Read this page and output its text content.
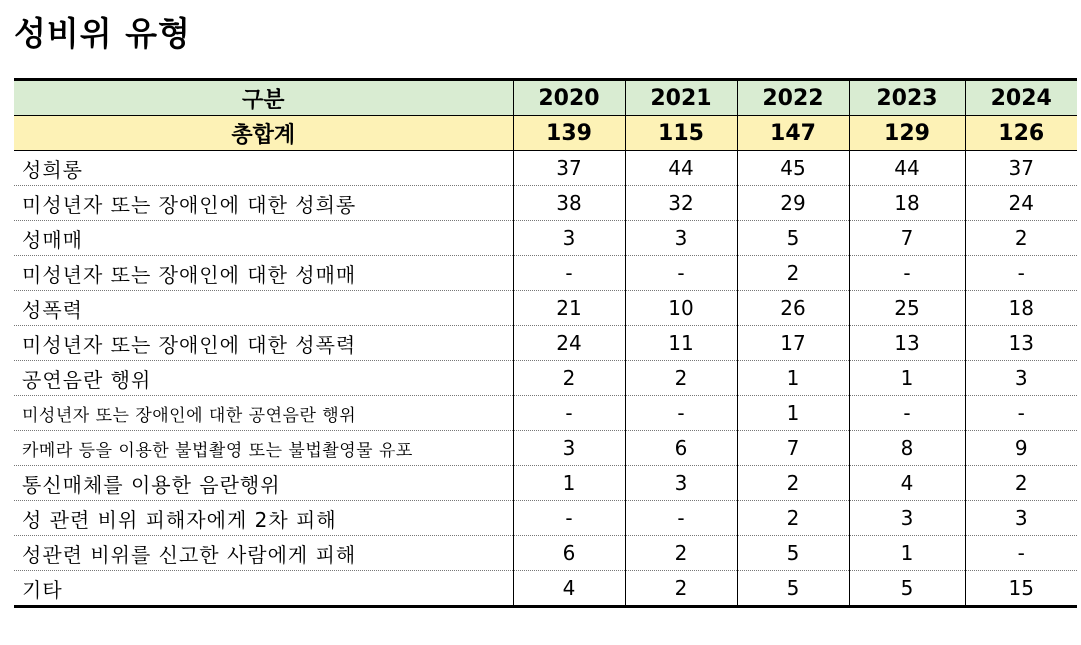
성비위 유형
구분	2020	2021	2022	2023	2024
총합계	139	115	147	129	126
성희롱	37	44	45	44	37
미성년자 또는 장애인에 대한 성희롱	38	32	29	18	24
성매매	3	3	5	7	2
미성년자 또는 장애인에 대한 성매매	-	-	2	-	-
성폭력	21	10	26	25	18
미성년자 또는 장애인에 대한 성폭력	24	11	17	13	13
공연음란 행위	2	2	1	1	3
미성년자 또는 장애인에 대한 공연음란 행위	-	-	1	-	-
카메라 등을 이용한 불법촬영 또는 불법촬영물 유포	3	6	7	8	9
통신매체를 이용한 음란행위	1	3	2	4	2
성 관련 비위 피해자에게 2차 피해	-	-	2	3	3
성관련 비위를 신고한 사람에게 피해	6	2	5	1	-
기타	4	2	5	5	15
